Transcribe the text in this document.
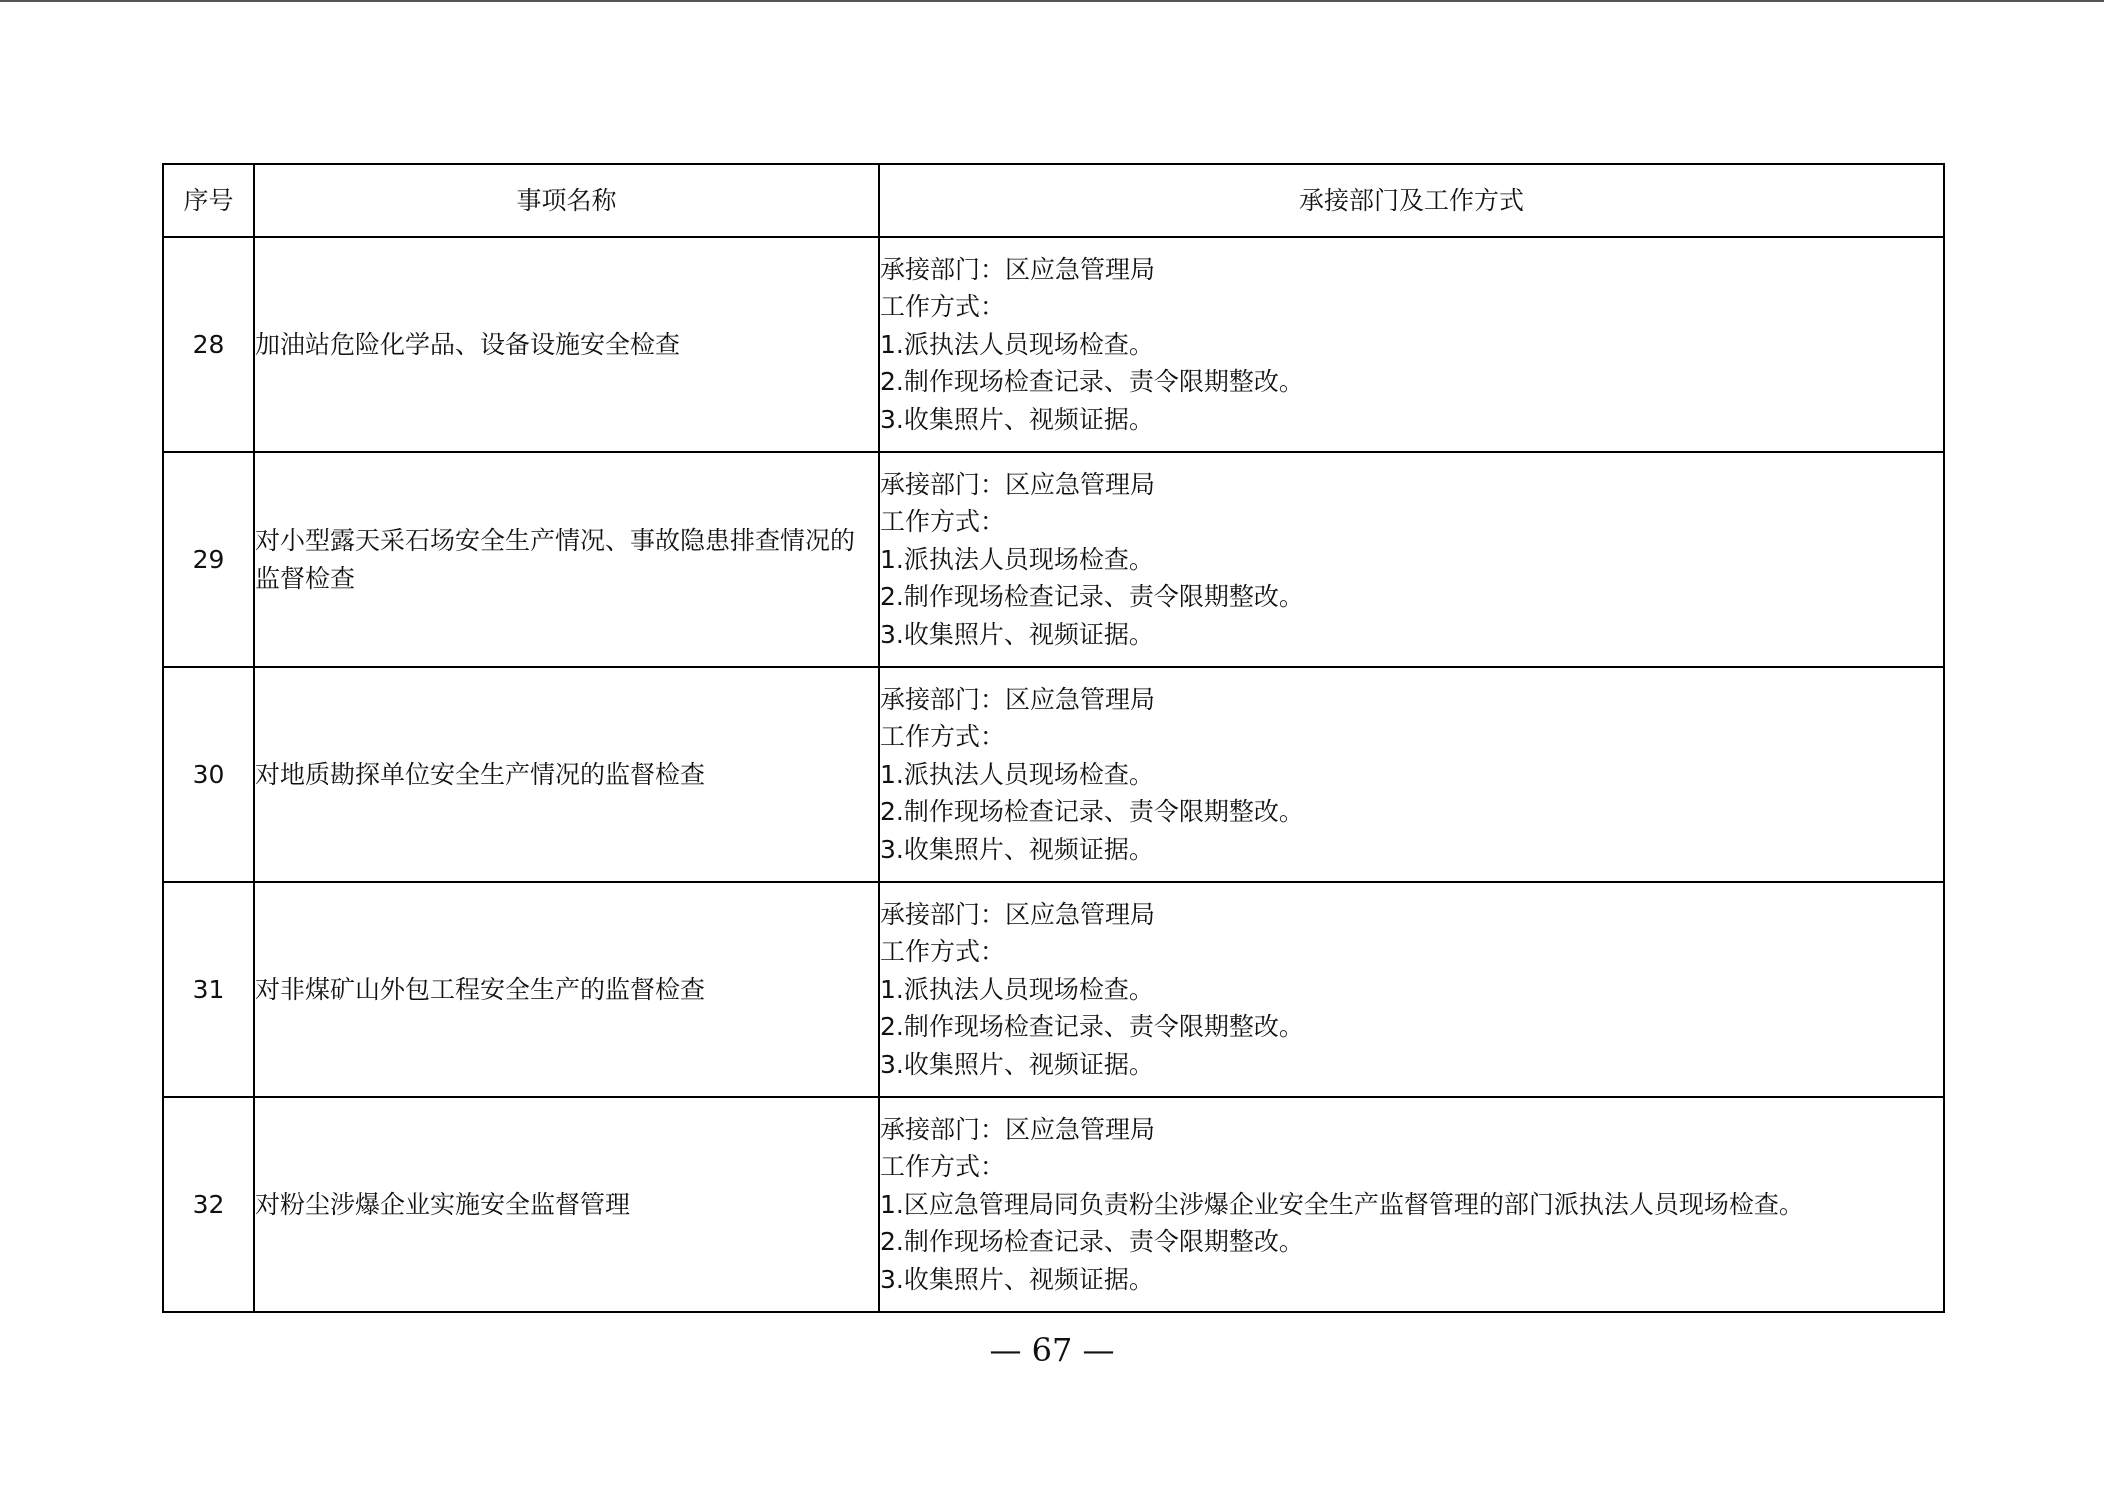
序号	事项名称	承接部门及工作方式
28	加油站危险化学品、设备设施安全检查	承接部门：区应急管理局
工作方式：
1.派执法人员现场检查。
2.制作现场检查记录、责令限期整改。
3.收集照片、视频证据。

29	对小型露天采石场安全生产情况、事故隐患排查情况的监督检查	承接部门：区应急管理局
工作方式：
1.派执法人员现场检查。
2.制作现场检查记录、责令限期整改。
3.收集照片、视频证据。

30	对地质勘探单位安全生产情况的监督检查	承接部门：区应急管理局
工作方式：
1.派执法人员现场检查。
2.制作现场检查记录、责令限期整改。
3.收集照片、视频证据。

31	对非煤矿山外包工程安全生产的监督检查	承接部门：区应急管理局
工作方式：
1.派执法人员现场检查。
2.制作现场检查记录、责令限期整改。
3.收集照片、视频证据。

32	对粉尘涉爆企业实施安全监督管理	承接部门：区应急管理局
工作方式：
1.区应急管理局同负责粉尘涉爆企业安全生产监督管理的部门派执法人员现场检查。
2.制作现场检查记录、责令限期整改。
3.收集照片、视频证据。
— 67 —
